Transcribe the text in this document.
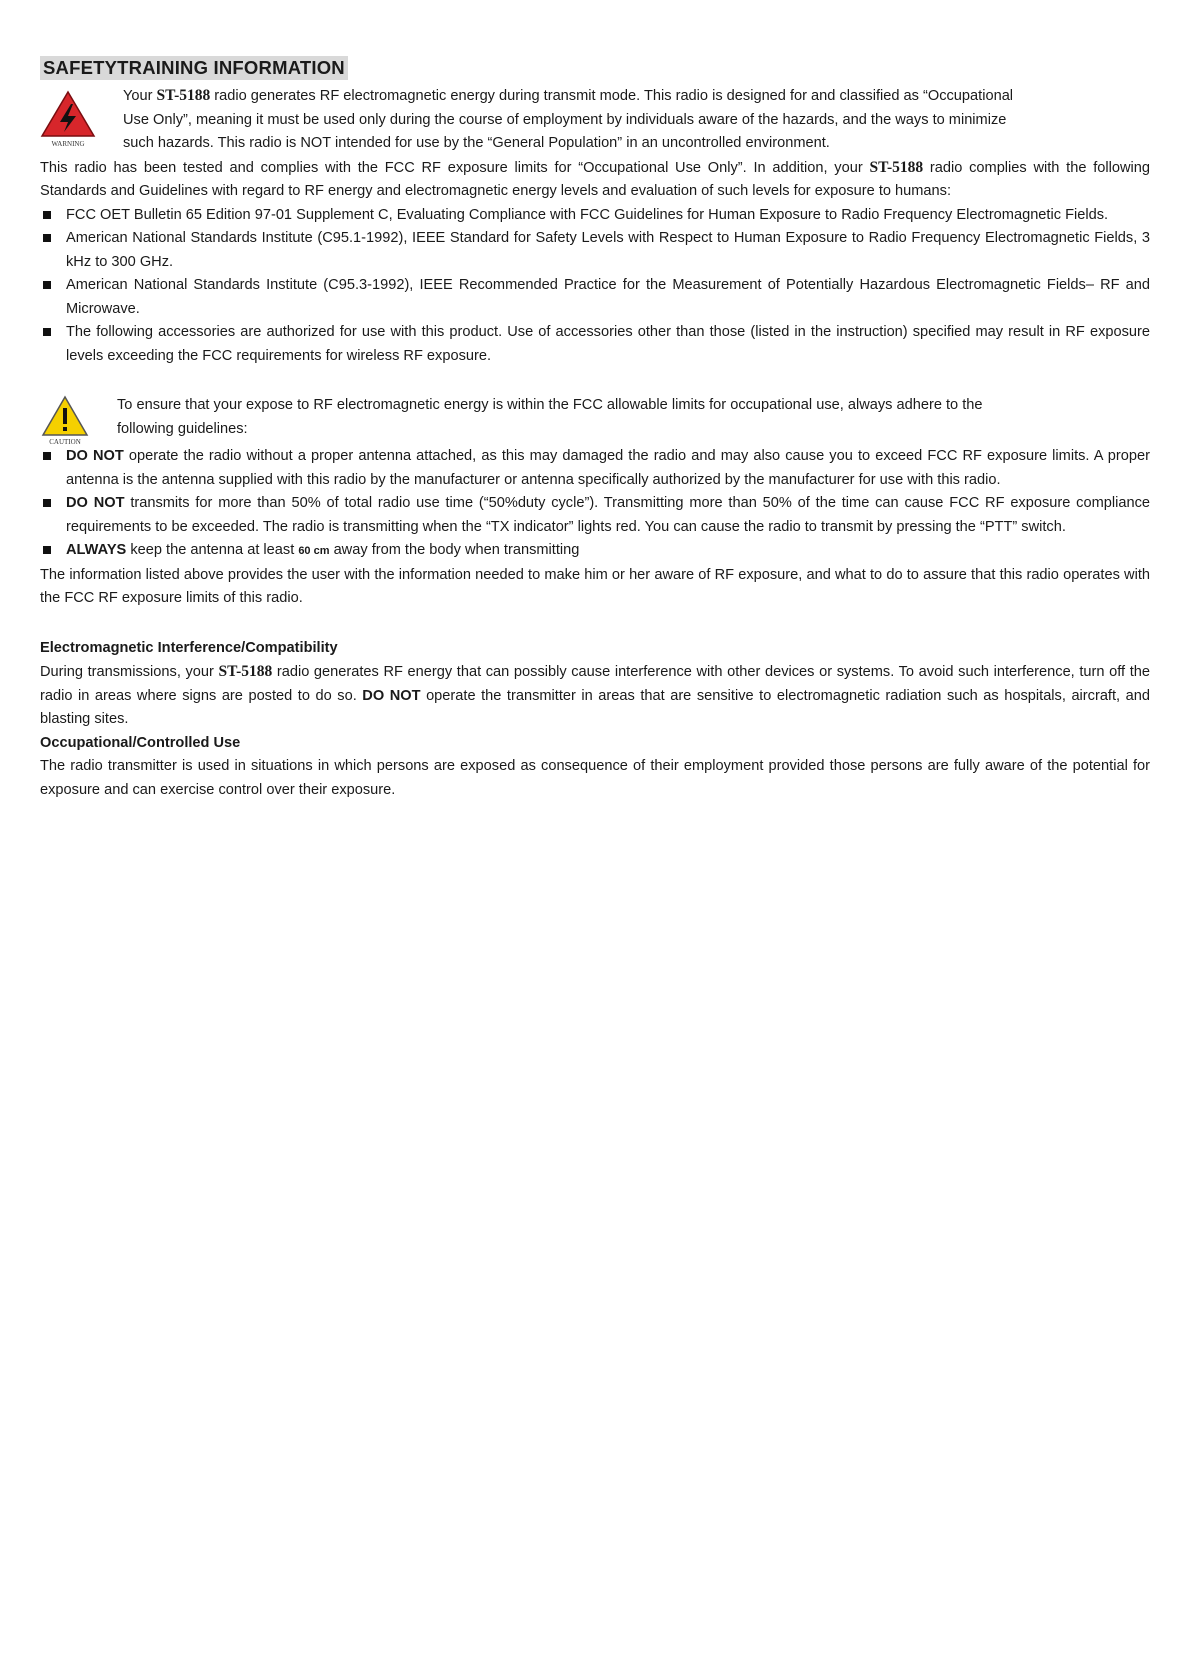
SAFETYTRAINING INFORMATION
WARNING

Your ST-5188 radio generates RF electromagnetic energy during transmit mode. This radio is designed for and classified as “Occupational

Use Only”, meaning it must be used only during the course of employment by individuals aware of the hazards, and the ways to minimize

such hazards. This radio is NOT intended for use by the “General Population” in an uncontrolled environment.

This radio has been tested and complies with the FCC RF exposure limits for “Occupational Use Only”. In addition, your ST-5188 radio complies with the following Standards and Guidelines with regard to RF energy and electromagnetic energy levels and evaluation of such levels for exposure to humans:

FCC OET Bulletin 65 Edition 97-01 Supplement C, Evaluating Compliance with FCC Guidelines for Human Exposure to Radio Frequency Electromagnetic Fields.
American National Standards Institute (C95.1-1992), IEEE Standard for Safety Levels with Respect to Human Exposure to Radio Frequency Electromagnetic Fields, 3 kHz to 300 GHz.
American National Standards Institute (C95.3-1992), IEEE Recommended Practice for the Measurement of Potentially Hazardous Electromagnetic Fields– RF and Microwave.
The following accessories are authorized for use with this product. Use of accessories other than those (listed in the instruction) specified may result in RF exposure levels exceeding the FCC requirements for wireless RF exposure.
CAUTION

To ensure that your expose to RF electromagnetic energy is within the FCC allowable limits for occupational use, always adhere to the

following guidelines:

DO NOT operate the radio without a proper antenna attached, as this may damaged the radio and may also cause you to exceed FCC RF exposure limits. A proper antenna is the antenna supplied with this radio by the manufacturer or antenna specifically authorized by the manufacturer for use with this radio.
DO NOT transmits for more than 50% of total radio use time (“50%duty cycle”). Transmitting more than 50% of the time can cause FCC RF exposure compliance requirements to be exceeded. The radio is transmitting when the “TX indicator” lights red. You can cause the radio to transmit by pressing the “PTT” switch.
ALWAYS keep the antenna at least 60 cm away from the body when transmitting

The information listed above provides the user with the information needed to make him or her aware of RF exposure, and what to do to assure that this radio operates with the FCC RF exposure limits of this radio.

Electromagnetic Interference/Compatibility

During transmissions, your ST-5188 radio generates RF energy that can possibly cause interference with other devices or systems. To avoid such interference, turn off the radio in areas where signs are posted to do so. DO NOT operate the transmitter in areas that are sensitive to electromagnetic radiation such as hospitals, aircraft, and blasting sites.

Occupational/Controlled Use

The radio transmitter is used in situations in which persons are exposed as consequence of their employment provided those persons are fully aware of the potential for exposure and can exercise control over their exposure.
